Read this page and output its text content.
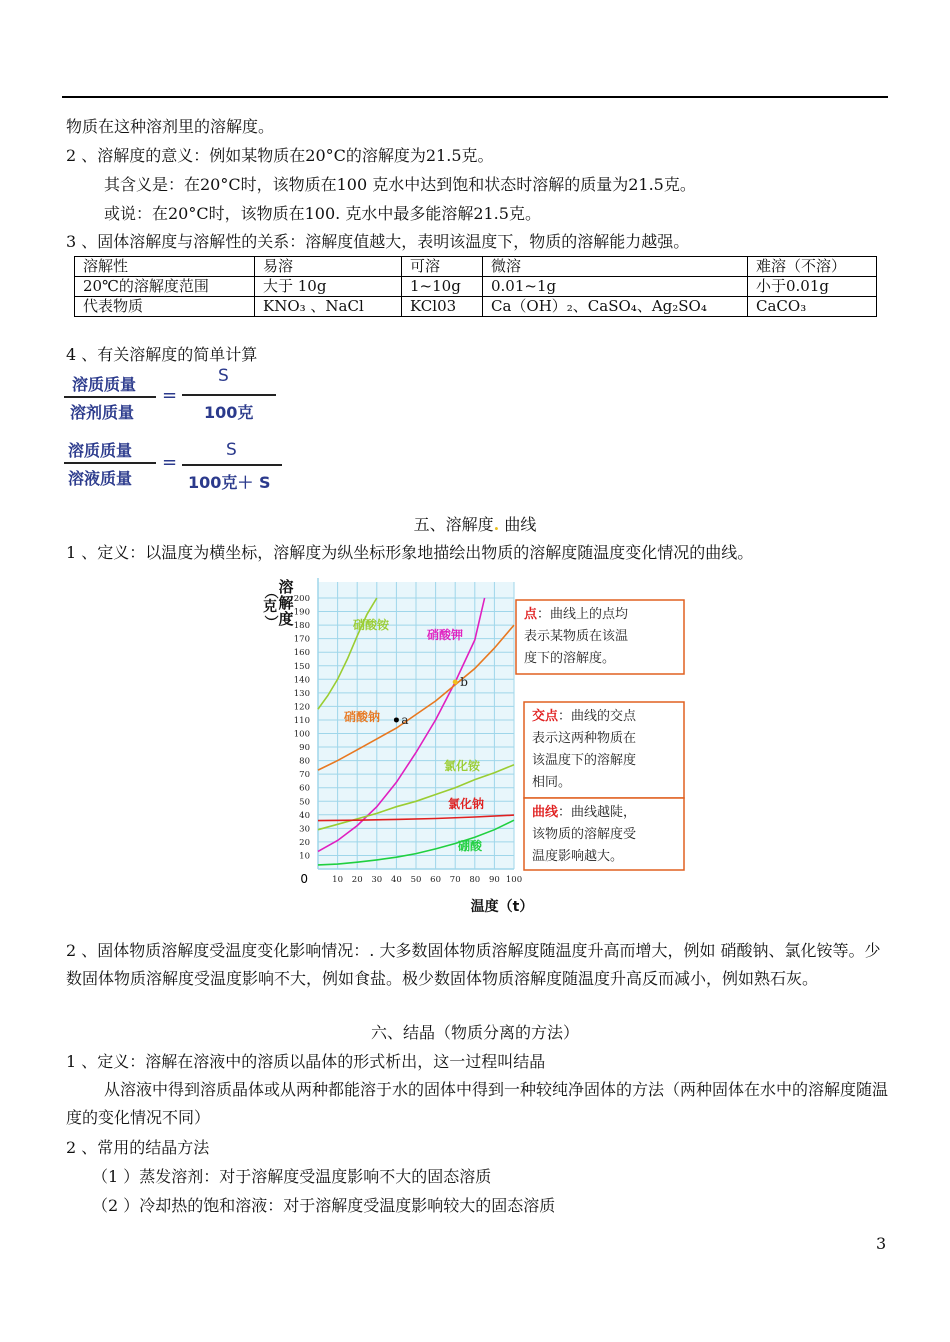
物质在这种溶剂里的溶解度。
2 、溶解度的意义：例如某物质在20°C的溶解度为21.5克。
其含义是：在20°C时，该物质在100 克水中达到饱和状态时溶解的质量为21.5克。
或说：在20°C时，该物质在100. 克水中最多能溶解21.5克。
3 、固体溶解度与溶解性的关系：溶解度值越大，表明该温度下，物质的溶解能力越强。
溶解性	易溶	可溶	微溶	难溶（不溶）
20℃的溶解度范围	大于 10g	1~10g	0.01~1g	小于0.01g
代表物质	KNO₃ 、NaCl	KCl03	Ca（OH）₂、CaSO₄、Ag₂SO₄	CaCO₃
4 、有关溶解度的简单计算
溶质质量
溶剂质量
=
S
100克
溶质质量
溶液质量
=
S
100克＋ S
五、溶解度. 曲线
1 、定义：以温度为横坐标，溶解度为纵坐标形象地描绘出物质的溶解度随温度变化情况的曲线。
10
20
30
40
50
60
70
80
90
100
110
120
130
140
150
160
170
180
190
200
10 20 30 40 50 60 70 80 90 100
0
温度（t）
溶
解
度
（
克
）	硝酸铵
硝酸钾
硝酸钠
氯化铵
氯化钠
硼酸
a
b
点：曲线上的点均
表示某物质在该温
度下的溶解度。
交点：曲线的交点
表示这两种物质在
该温度下的溶解度
相同。
曲线：曲线越陡，
该物质的溶解度受
温度影响越大。
2 、固体物质溶解度受温度变化影响情况：. 大多数固体物质溶解度随温度升高而增大，例如 硝酸钠、氯化铵等。少数固体物质溶解度受温度影响不大，例如食盐。极少数固体物质溶解度随温度升高反而减小，例如熟石灰。
六、结晶（物质分离的方法）
1 、定义：溶解在溶液中的溶质以晶体的形式析出，这一过程叫结晶
从溶液中得到溶质晶体或从两种都能溶于水的固体中得到一种较纯净固体的方法（两种固体在水中的溶解度随温度的变化情况不同）
2 、常用的结晶方法
（1 ）蒸发溶剂：对于溶解度受温度影响不大的固态溶质
（2 ）冷却热的饱和溶液：对于溶解度受温度影响较大的固态溶质
3
